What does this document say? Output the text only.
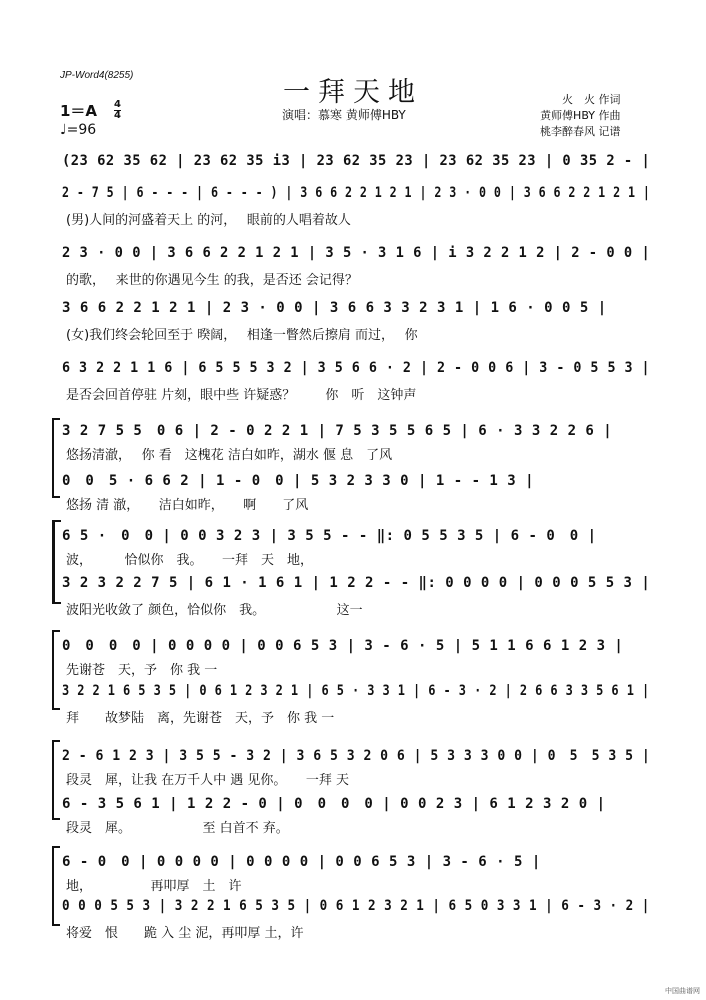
JP-Word4(8255)
一拜天地
演唱：慕寒 黄师傅HBY
1＝A 4
4
♩=96
火　火 作词
黄师傅HBY 作曲
桃李醉春风 记谱
(23 62 35 62 | 23 62 35 i3 | 23 62 35 23 | 23 62 35 23 | 0 35 2 - |
2 - 7 5 | 6 - - - | 6 - - - ) | 3 6 6 2 2 1 2 1 | 2 3 · 0 0 | 3 6 6 2 2 1 2 1 |
(男)人间的河盛着天上 的河，　 眼前的人唱着故人
2 3 · 0 0 | 3 6 6 2 2 1 2 1 | 3 5 · 3 1 6 | i 3 2 2 1 2 | 2 - 0 0 |
的歌，　 来世的你遇见今生 的我，是否还 会记得？
3 6 6 2 2 1 2 1 | 2 3 · 0 0 | 3 6 6 3 3 2 3 1 | 1 6 · 0 0 5 |
(女)我们终会轮回至于 暌阔，　 相逢一瞥然后擦肩 而过，　 你
6 3 2 2 1 1 6 | 6 5 5 5 3 2 | 3 5 6 6 · 2 | 2 - 0 0 6 | 3 - 0 5 5 3 |
是否会回首停驻 片刻，眼中些 许疑惑？　　 你　听　这钟声
3 2 7 5 5　0 6 | 2 - 0 2 2 1 | 7 5 3 5 5 6 5 | 6 · 3 3 2 2 6 |
悠扬清澈，　 你 看　这槐花 洁白如昨，湖水 偃 息　了风
0　0　5 · 6 6 2 | 1 - 0　0 | 5 3 2 3 3 0 | 1 - - 1 3 |
悠扬 清 澈，　　洁白如昨，　　啊　　了风
6 5 ·　0　0 | 0 0 3 2 3 | 3 5 5 - - ‖: 0 5 5 3 5 | 6 - 0　0 |
波，　　　恰似你　我。　　一拜　天　地，
3 2 3 2 2 7 5 | 6 1 · 1 6 1 | 1 2 2 - - ‖: 0 0 0 0 | 0 0 0 5 5 3 |
波阳光收敛了 颜色，恰似你　我。　　　　　　这一
0　0　0　0 | 0 0 0 0 | 0 0 6 5 3 | 3 - 6 · 5 | 5 1 1 6 6 1 2 3 |
先谢苍　天，予　你 我 一
3 2 2 1 6 5 3 5 | 0 6 1 2 3 2 1 | 6 5 · 3 3 1 | 6 - 3 · 2 | 2 6 6 3 3 5 6 1 |
拜　　故梦陆　离，先谢苍　天，予　你 我 一
2 - 6 1 2 3 | 3 5 5 - 3 2 | 3 6 5 3 2 0 6 | 5 3 3 3 0 0 | 0　5　5 3 5 |
段灵　犀，让我 在万千人中 遇 见你。　　一拜 天
6 - 3 5 6 1 | 1 2 2 - 0 | 0　0　0　0 | 0 0 2 3 | 6 1 2 3 2 0 |
段灵　犀。　　　　　　至 白首不 弃。
6 - 0　0 | 0 0 0 0 | 0 0 0 0 | 0 0 6 5 3 | 3 - 6 · 5 |
地，　　　　　再叩厚　土　许
0 0 0 5 5 3 | 3 2 2 1 6 5 3 5 | 0 6 1 2 3 2 1 | 6 5 0 3 3 1 | 6 - 3 · 2 |
将爱　恨　　跪 入 尘 泥，再叩厚 土，许
中国曲谱网
